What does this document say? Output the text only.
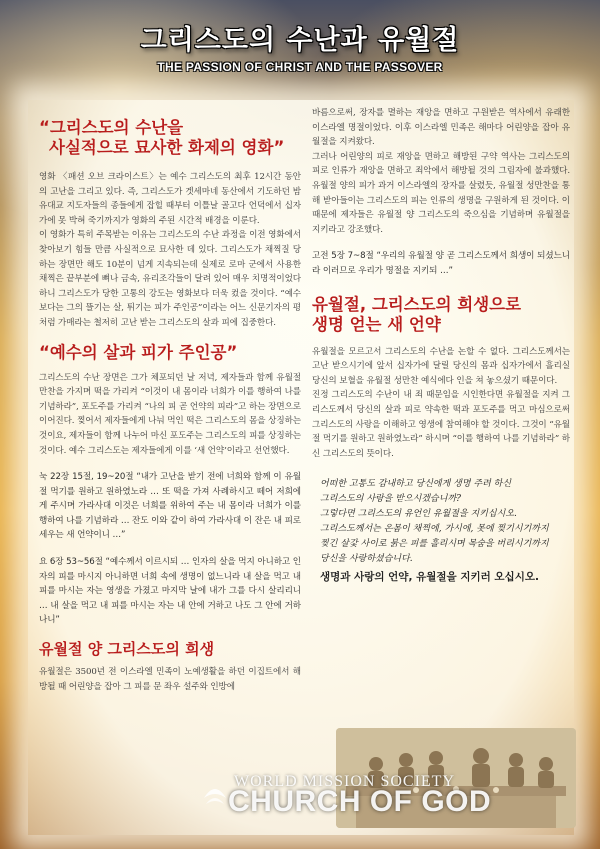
그리스도의 수난과 유월절
THE PASSION OF CHRIST AND THE PASSOVER
“그리스도의 수난을
사실적으로 묘사한 화제의 영화”

영화 〈패션 오브 크라이스트〉는 예수 그리스도의 최후 12시간 동안의 고난을 그리고 있다. 즉, 그리스도가 겟세마네 동산에서 기도하던 밤 유대교 지도자들의 종들에게 잡힐 때부터 이틀날 골고다 언덕에서 십자가에 못 박혀 죽기까지가 영화의 주된 시간적 배경을 이룬다.

이 영화가 특히 주목받는 이유는 그리스도의 수난 과정을 이전 영화에서 찾아보기 힘들 만큼 사실적으로 묘사한 데 있다. 그리스도가 채찍질 당하는 장면만 해도 10분이 넘게 지속되는데 실제로 로마 군에서 사용한 채찍은 끝부분에 뼈나 금속, 유리조각들이 달려 있어 매우 치명적이었다 하니 그리스도가 당한 고통의 강도는 영화보다 더욱 컸을 것이다. “예수보다는 그의 뜰기는 살, 튀기는 피가 주인공”이라는 어느 신문기자의 평처럼 가매라는 철저히 고난 받는 그리스도의 살과 피에 집중한다.

“예수의 살과 피가 주인공”

그리스도의 수난 장면은 그가 체포되던 날 저녁, 제자들과 함께 유월절 만찬을 가지며 떡을 가리켜 “이것이 내 몸이라 너희가 이를 행하여 나를 기념하라”, 포도주를 가리켜 “나의 피 곧 언약의 피라”고 하는 장면으로 이어진다. 찢어서 제자들에게 나눠 먹인 떡은 그리스도의 몸을 상징하는 것이요, 제자들이 함께 나누어 마신 포도주는 그리스도의 피를 상징하는 것이다. 예수 그리스도는 제자들에게 이를 ‘새 언약’이라고 선언했다.

눅 22장 15절, 19~20절 “내가 고난을 받기 전에 너희와 함께 이 유월절 먹기를 원하고 원하였노라 … 또 떡을 가져 사례하시고 떼어 저희에게 주시며 가라사대 이것은 너희를 위하여 주는 내 몸이라 너희가 이를 행하여 나를 기념하라 … 잔도 이와 같이 하여 가라사대 이 잔은 내 피로 세우는 새 언약이니 …”

요 6장 53~56절 “예수께서 이르시되 … 인자의 살을 먹지 아니하고 인자의 피를 마시지 아니하면 너희 속에 생명이 없느니라 내 살을 먹고 내 피를 마시는 자는 영생을 가졌고 마지막 날에 내가 그를 다시 살리리니 … 내 살을 먹고 내 피를 마시는 자는 내 안에 거하고 나도 그 안에 거하나니”

유월절 양 그리스도의 희생

유월절은 3500년 전 이스라엘 민족이 노예생활을 하던 이집트에서 해방될 때 어린양을 잡아 그 피를 문 좌우 설주와 인방에

바름으로써, 장자를 멸하는 재앙을 면하고 구원받은 역사에서 유래한 이스라엘 명절이었다. 이후 이스라엘 민족은 해마다 어린양을 잡아 유월절을 지켜왔다.

그러나 어린양의 피로 재앙을 면하고 해방된 구약 역사는 그리스도의 피로 인류가 재앙을 면하고 죄악에서 해방될 것의 그림자에 불과했다. 유월절 양의 피가 과거 이스라엘의 장자를 살렸듯, 유월절 성만찬을 통해 받아들이는 그리스도의 피는 인류의 생명을 구원하게 된 것이다. 이 때문에 제자들은 유월절 양 그리스도의 죽으심을 기념하며 유월절을 지키라고 강조했다.

고전 5장 7~8절 “우리의 유월절 양 곧 그리스도께서 희생이 되셨느니라 이러므로 우리가 명절을 지키되 …”

유월절, 그리스도의 희생으로
생명 얻는 새 언약

유월절을 모르고서 그리스도의 수난을 논할 수 없다. 그리스도께서는 고난 받으시기에 앞서 십자가에 달릴 당신의 몸과 십자가에서 흘리실 당신의 보혈을 유월절 성만찬 예식에다 인을 쳐 놓으셨기 때문이다.

진정 그리스도의 수난이 내 죄 때문임을 시인한다면 유월절을 지켜 그리스도께서 당신의 살과 피로 약속한 떡과 포도주를 먹고 마심으로써 그리스도의 사랑을 이해하고 영생에 참여해야 할 것이다. 그것이 “유월절 먹기를 원하고 원하였노라” 하시며 “이를 행하여 나를 기념하라” 하신 그리스도의 뜻이다.

어떠한 고통도 감내하고 당신에게 생명 주려 하신

그리스도의 사랑을 받으시겠습니까?

그렇다면 그리스도의 유언인 유월절을 지키십시오.

그리스도께서는 온몸이 채찍에, 가시에, 못에 찢기시기까지

찢긴 살갗 사이로 붉은 피를 흘리시며 목숨을 버리시기까지

당신을 사랑하셨습니다.

생명과 사랑의 언약, 유월절을 지키러 오십시오.

WORLD MISSION SOCIETY
CHURCH OF GOD
